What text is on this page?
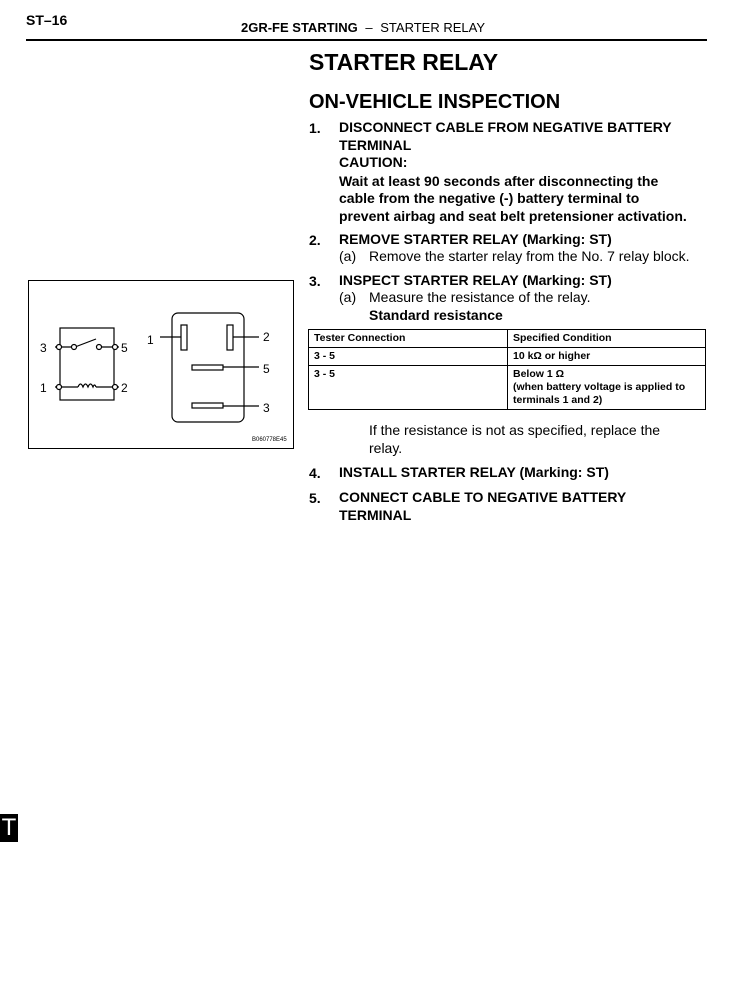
ST–16	2GR-FE STARTING – STARTER RELAY
STARTER RELAY
ON-VEHICLE INSPECTION
1. DISCONNECT CABLE FROM NEGATIVE BATTERY
TERMINAL
CAUTION:
Wait at least 90 seconds after disconnecting the
cable from the negative (-) battery terminal to
prevent airbag and seat belt pretensioner activation.
2. REMOVE STARTER RELAY (Marking: ST)
(a) Remove the starter relay from the No. 7 relay block.
3. INSPECT STARTER RELAY (Marking: ST)
(a) Measure the resistance of the relay.
Standard resistance
Tester Connection	Specified Condition
3 - 5	10 kΩ or higher
3 - 5	Below 1 Ω
(when battery voltage is applied to
terminals 1 and 2)
If the resistance is not as specified, replace the
relay.
4. INSTALL STARTER RELAY (Marking: ST)
5. CONNECT CABLE TO NEGATIVE BATTERY
TERMINAL
3	5
1	2
1	2
5
3
B060778E45
T
